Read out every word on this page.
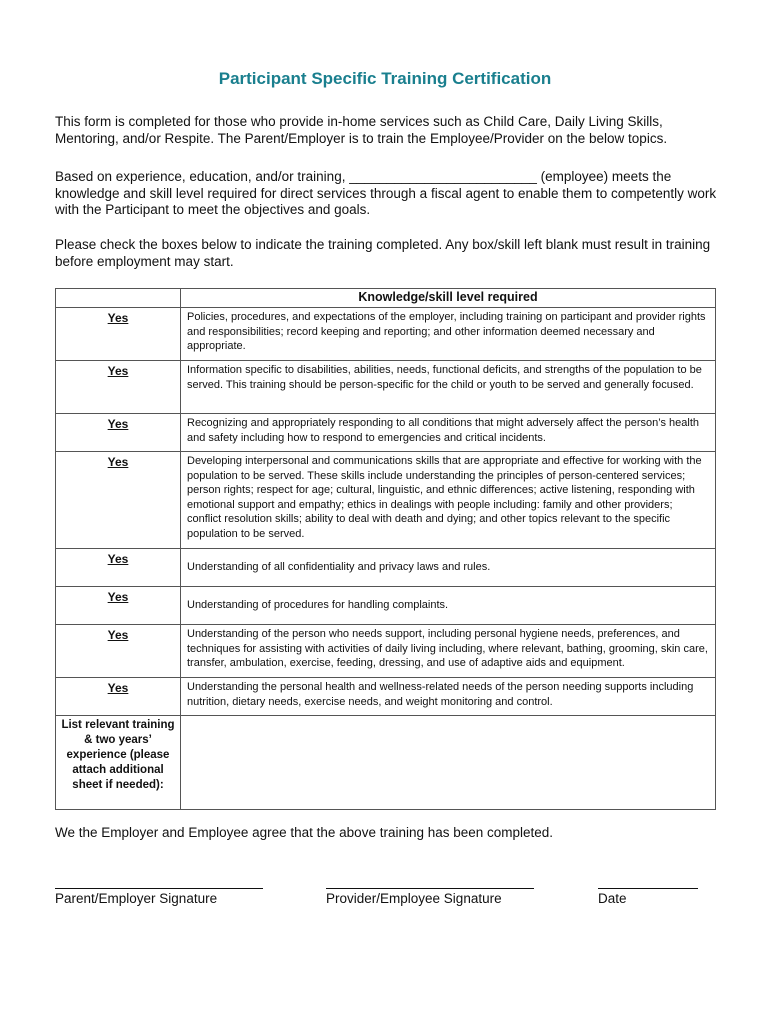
Participant Specific Training Certification
This form is completed for those who provide in-home services such as Child Care, Daily Living Skills, Mentoring, and/or Respite. The Parent/Employer is to train the Employee/Provider on the below topics.
Based on experience, education, and/or training, _________________________ (employee) meets the knowledge and skill level required for direct services through a fiscal agent to enable them to competently work with the Participant to meet the objectives and goals.
Please check the boxes below to indicate the training completed. Any box/skill left blank must result in training before employment may start.
	Knowledge/skill level required
Yes	Policies, procedures, and expectations of the employer, including training on participant and provider rights and responsibilities; record keeping and reporting; and other information deemed necessary and appropriate.
Yes	Information specific to disabilities, abilities, needs, functional deficits, and strengths of the population to be served. This training should be person-specific for the child or youth to be served and generally focused.
Yes	Recognizing and appropriately responding to all conditions that might adversely affect the person’s health and safety including how to respond to emergencies and critical incidents.
Yes	Developing interpersonal and communications skills that are appropriate and effective for working with the population to be served. These skills include understanding the principles of person-centered services; person rights; respect for age; cultural, linguistic, and ethnic differences; active listening, responding with emotional support and empathy; ethics in dealings with people including: family and other providers; conflict resolution skills; ability to deal with death and dying; and other topics relevant to the specific population to be served.
Yes	Understanding of all confidentiality and privacy laws and rules.
Yes	Understanding of procedures for handling complaints.
Yes	Understanding of the person who needs support, including personal hygiene needs, preferences, and techniques for assisting with activities of daily living including, where relevant, bathing, grooming, skin care, transfer, ambulation, exercise, feeding, dressing, and use of adaptive aids and equipment.
Yes	Understanding the personal health and wellness-related needs of the person needing supports including nutrition, dietary needs, exercise needs, and weight monitoring and control.
List relevant training & two years’ experience (please attach additional sheet if needed):	
We the Employer and Employee agree that the above training has been completed.
Parent/Employer Signature	Provider/Employee Signature	Date
